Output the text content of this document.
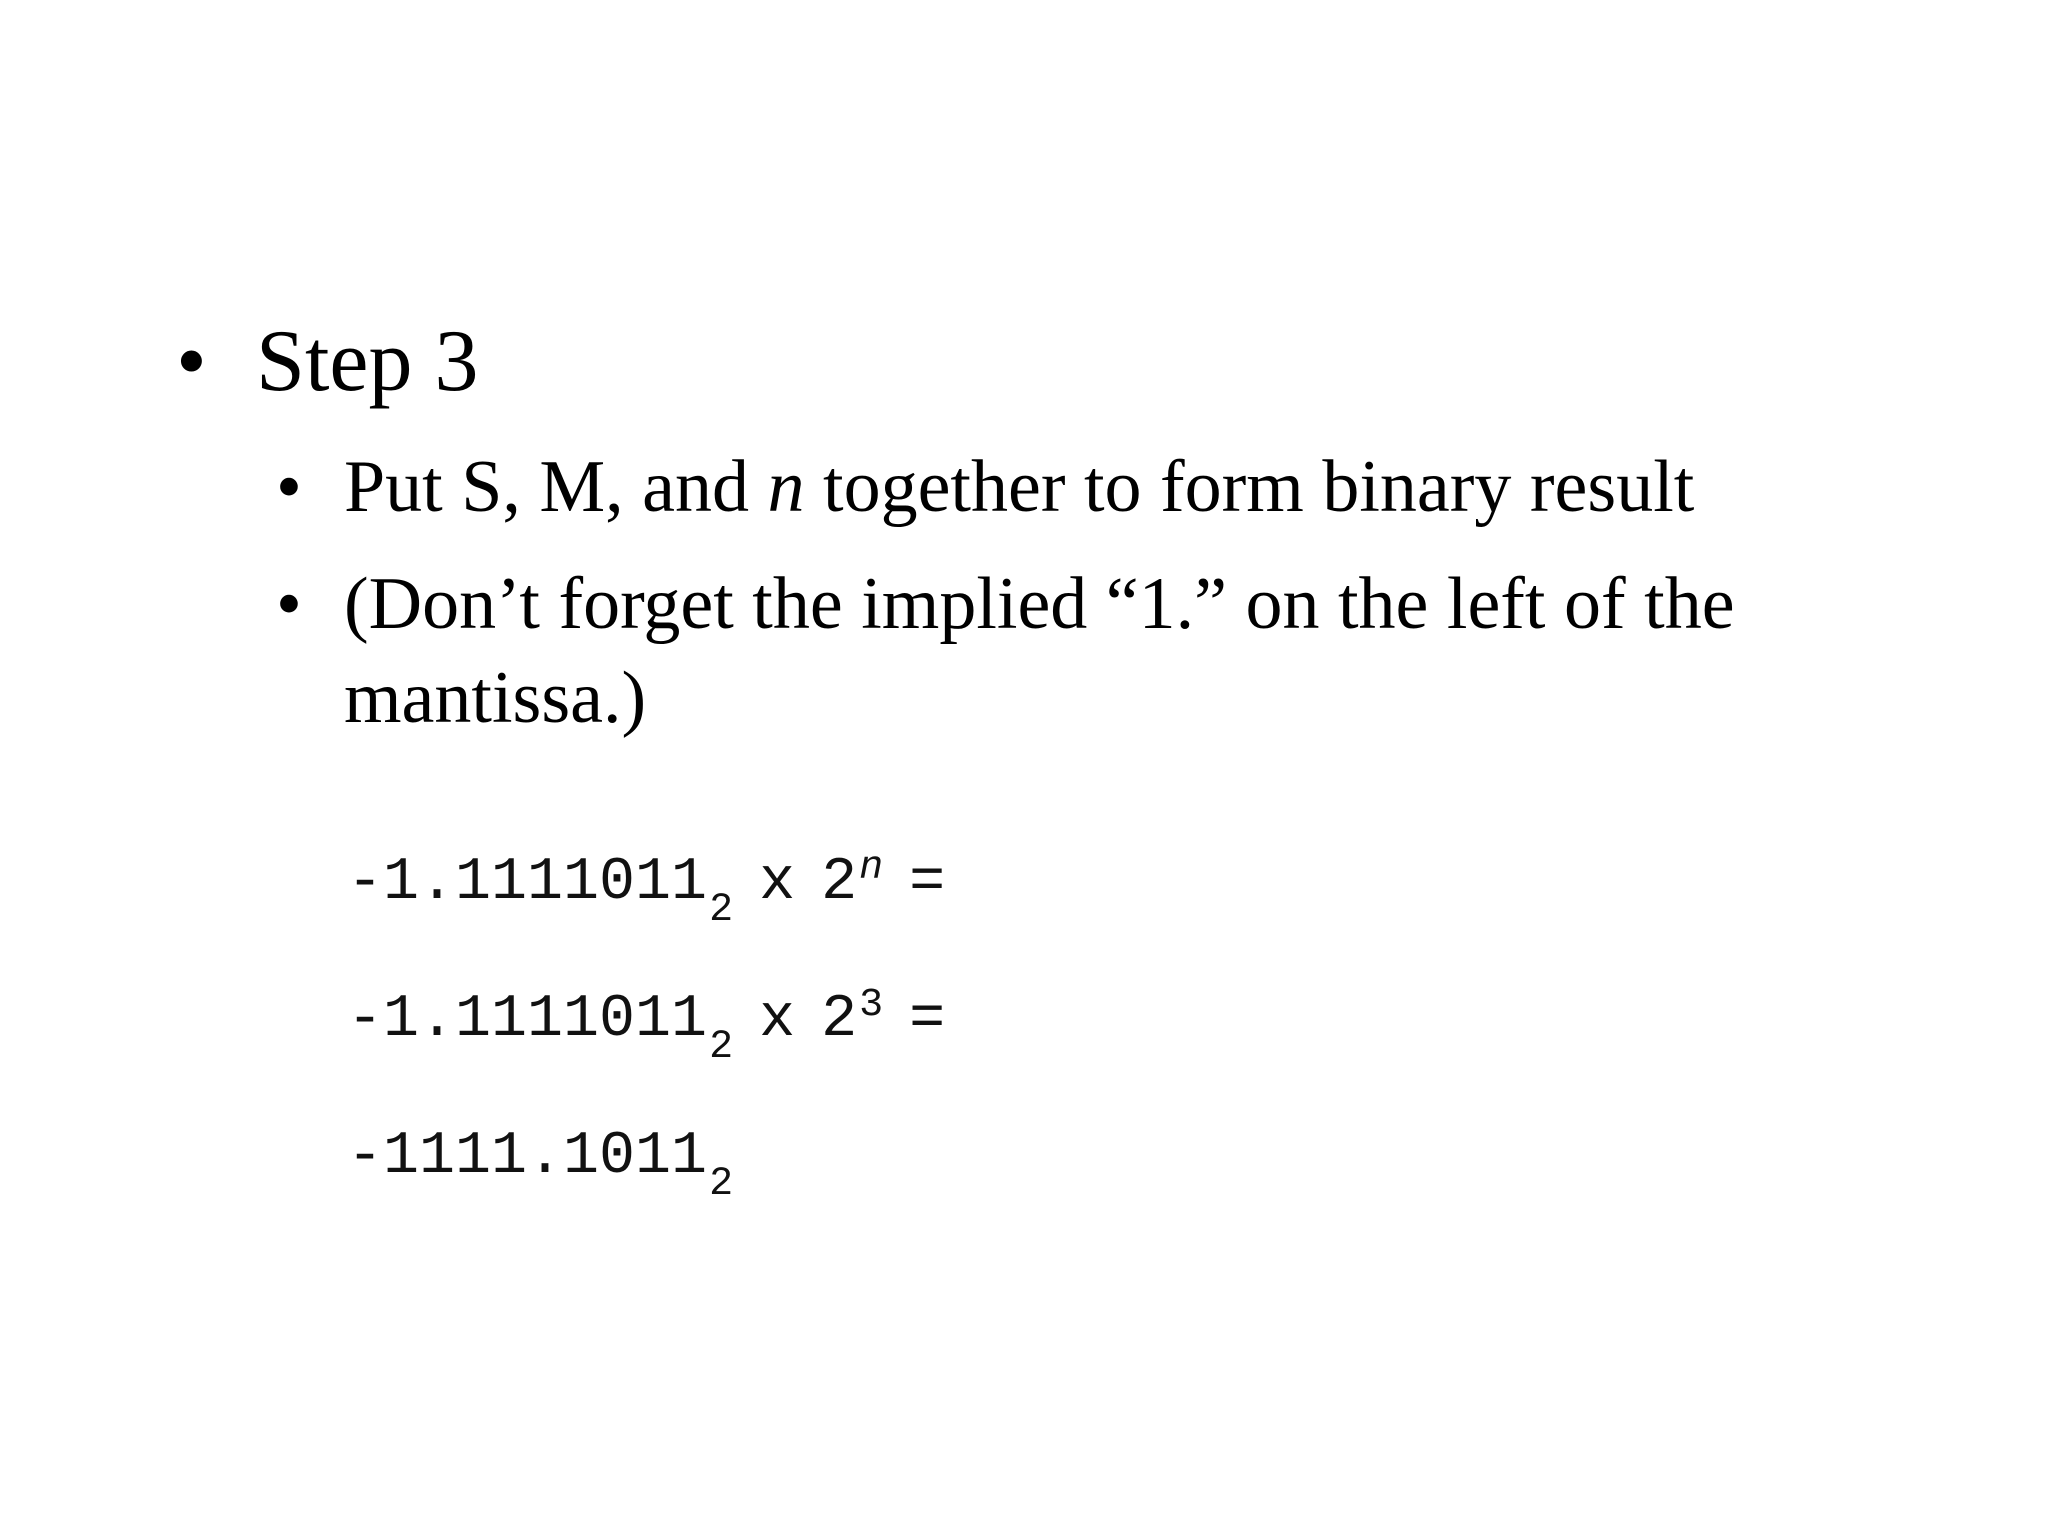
• Step 3
• Put S, M, and n together to form binary result
• (Don’t forget the implied “1.” on the left of the
mantissa.)
$-1.1111011_2$ x $2^n$ =
$-1.1111011_2$ x $2^3$ =
$-1111.1011_2$
